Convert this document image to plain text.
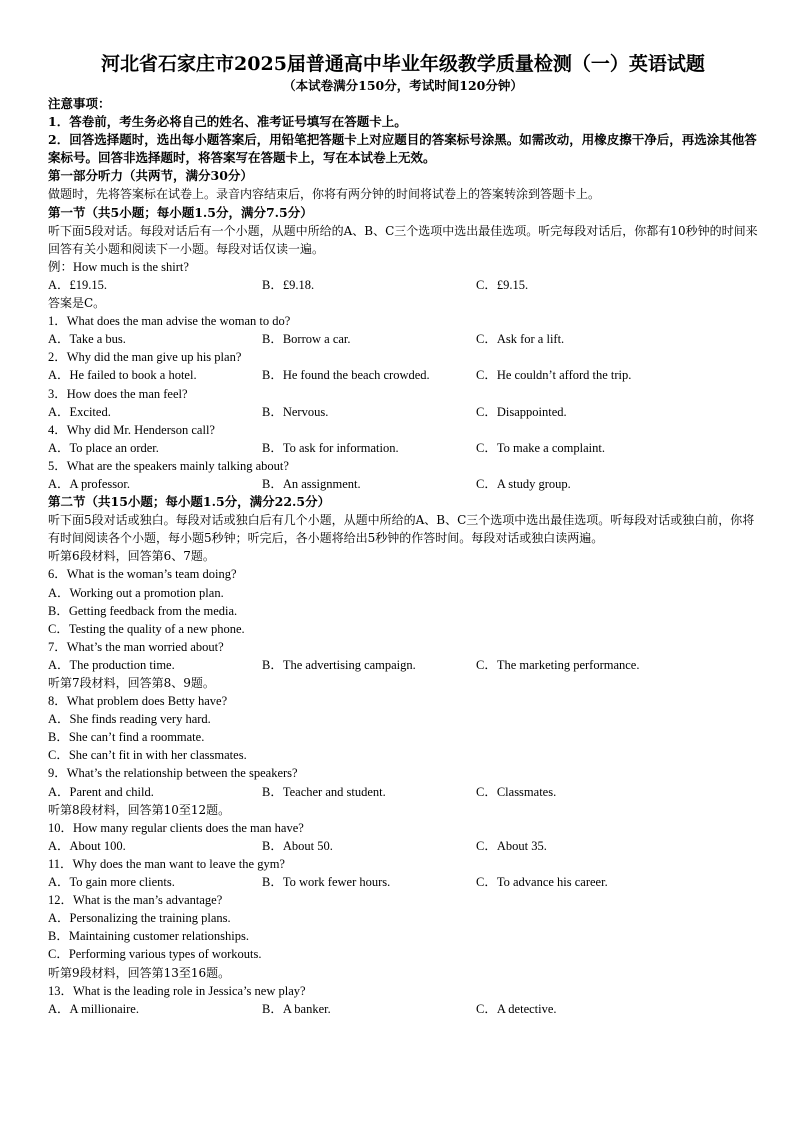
河北省石家庄市2025届普通高中毕业年级教学质量检测（一）英语试题
（本试卷满分150分，考试时间120分钟）
注意事项：
1．答卷前，考生务必将自己的姓名、准考证号填写在答题卡上。
2．回答选择题时，选出每小题答案后，用铅笔把答题卡上对应题目的答案标号涂黑。如需改动，用橡皮擦干净后，再选涂其他答案标号。回答非选择题时，将答案写在答题卡上，写在本试卷上无效。
第一部分听力（共两节，满分30分）
做题时，先将答案标在试卷上。录音内容结束后，你将有两分钟的时间将试卷上的答案转涂到答题卡上。
第一节（共5小题；每小题1.5分，满分7.5分）
听下面5段对话。每段对话后有一个小题，从题中所给的A、B、C三个选项中选出最佳选项。听完每段对话后，你都有10秒钟的时间来回答有关小题和阅读下一小题。每段对话仅读一遍。
例：How much is the shirt?
A．£19.15.	B．£9.18.	C．£9.15.
答案是C。
1．What does the man advise the woman to do?
A．Take a bus.	B．Borrow a car.	C．Ask for a lift.
2．Why did the man give up his plan?
A．He failed to book a hotel.	B．He found the beach crowded.	C．He couldn’t afford the trip.
3．How does the man feel?
A．Excited.	B．Nervous.	C．Disappointed.
4．Why did Mr. Henderson call?
A．To place an order.	B．To ask for information.	C．To make a complaint.
5．What are the speakers mainly talking about?
A．A professor.	B．An assignment.	C．A study group.
第二节（共15小题；每小题1.5分，满分22.5分）
听下面5段对话或独白。每段对话或独白后有几个小题，从题中所给的A、B、C三个选项中选出最佳选项。听每段对话或独白前，你将有时间阅读各个小题，每小题5秒钟；听完后，各小题将给出5秒钟的作答时间。每段对话或独白读两遍。
听第6段材料，回答第6、7题。
6．What is the woman’s team doing?
A．Working out a promotion plan.
B．Getting feedback from the media.
C．Testing the quality of a new phone.
7．What’s the man worried about?
A．The production time.	B．The advertising campaign.	C．The marketing performance.
听第7段材料，回答第8、9题。
8．What problem does Betty have?
A．She finds reading very hard.
B．She can’t find a roommate.
C．She can’t fit in with her classmates.
9．What’s the relationship between the speakers?
A．Parent and child.	B．Teacher and student.	C．Classmates.
听第8段材料，回答第10至12题。
10．How many regular clients does the man have?
A．About 100.	B．About 50.	C．About 35.
11．Why does the man want to leave the gym?
A．To gain more clients.	B．To work fewer hours.	C．To advance his career.
12．What is the man’s advantage?
A．Personalizing the training plans.
B．Maintaining customer relationships.
C．Performing various types of workouts.
听第9段材料，回答第13至16题。
13．What is the leading role in Jessica’s new play?
A．A millionaire.	B．A banker.	C．A detective.
